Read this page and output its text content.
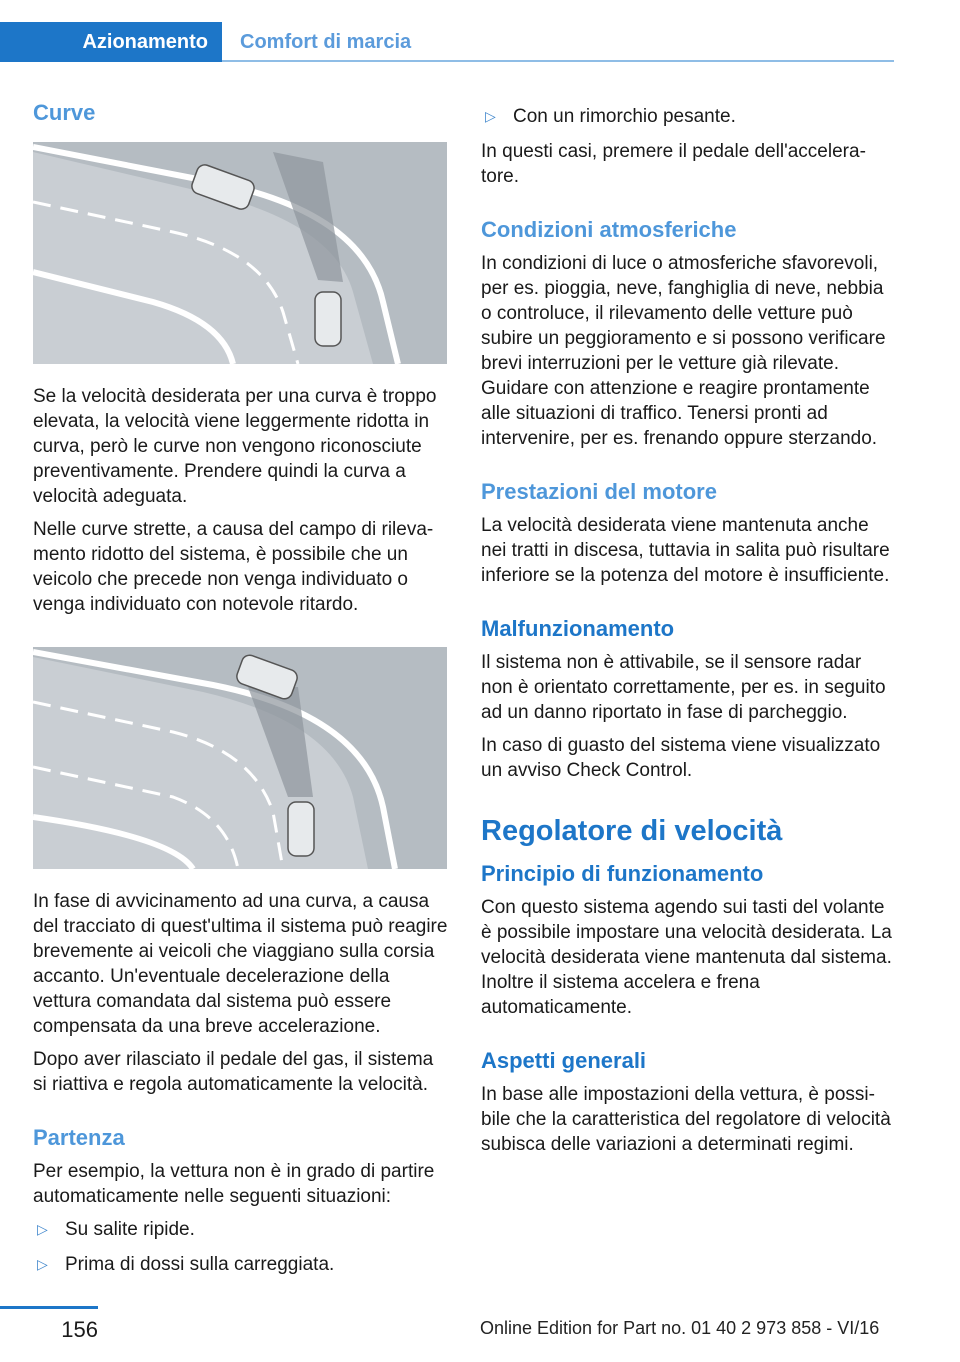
Azionamento	Comfort di marcia
Curve

Se la velocità desiderata per una curva è troppo elevata, la velocità viene leggermente ridotta in curva, però le curve non vengono riconosciute preventivamente. Prendere quindi la curva a velocità adeguata.

Nelle curve strette, a causa del campo di rilevamento ridotto del sistema, è possibile che un veicolo che precede non venga individuato o venga individuato con notevole ritardo.

In fase di avvicinamento ad una curva, a causa del tracciato di quest'ultima il sistema può reagire brevemente ai veicoli che viaggiano sulla corsia accanto. Un'eventuale decelerazione della vettura comandata dal sistema può essere compensata da una breve accelerazione.

Dopo aver rilasciato il pedale del gas, il sistema si riattiva e regola automaticamente la velocità.

Partenza

Per esempio, la vettura non è in grado di partire automaticamente nelle seguenti situazioni:

▷ Su salite ripide.
▷ Prima di dossi sulla carreggiata.
▷ Con un rimorchio pesante.

In questi casi, premere il pedale dell'acceleratore.

Condizioni atmosferiche

In condizioni di luce o atmosferiche sfavorevoli, per es. pioggia, neve, fanghiglia di neve, nebbia o controluce, il rilevamento delle vetture può subire un peggioramento e si possono verificare brevi interruzioni per le vetture già rilevate. Guidare con attenzione e reagire prontamente alle situazioni di traffico. Tenersi pronti ad intervenire, per es. frenando oppure sterzando.

Prestazioni del motore

La velocità desiderata viene mantenuta anche nei tratti in discesa, tuttavia in salita può risultare inferiore se la potenza del motore è insufficiente.

Malfunzionamento

Il sistema non è attivabile, se il sensore radar non è orientato correttamente, per es. in seguito ad un danno riportato in fase di parcheggio.

In caso di guasto del sistema viene visualizzato un avviso Check Control.

Regolatore di velocità
Principio di funzionamento

Con questo sistema agendo sui tasti del volante è possibile impostare una velocità desiderata. La velocità desiderata viene mantenuta dal sistema. Inoltre il sistema accelera e frena automaticamente.

Aspetti generali

In base alle impostazioni della vettura, è possibile che la caratteristica del regolatore di velocità subisca delle variazioni a determinati regimi.

156	Online Edition for Part no. 01 40 2 973 858 - VI/16
